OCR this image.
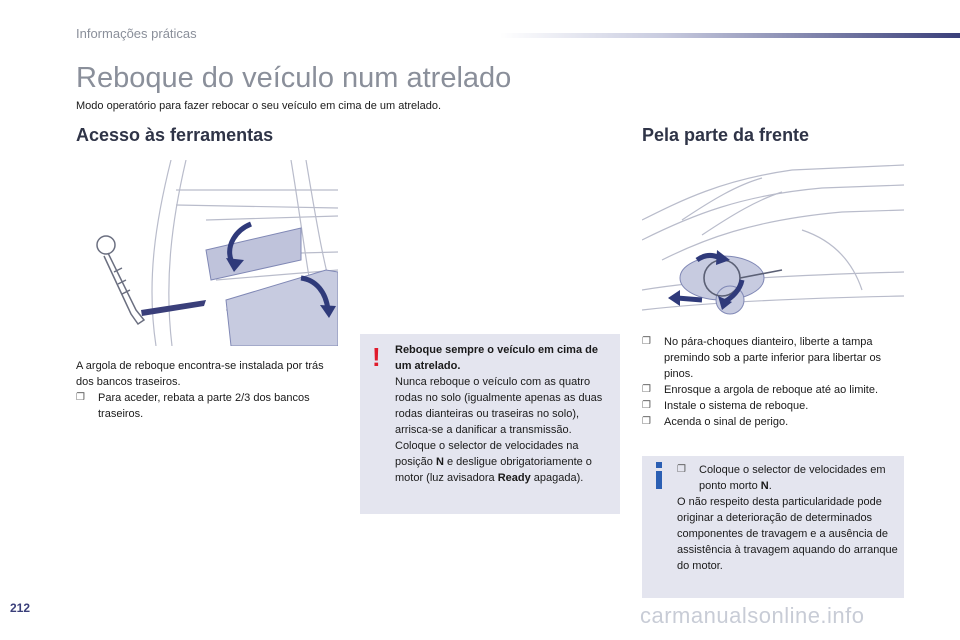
Informações práticas
Reboque do veículo num atrelado
Modo operatório para fazer rebocar o seu veículo em cima de um atrelado.
Acesso às ferramentas	Pela parte da frente

A argola de reboque encontra-se instalada por trás dos bancos traseiros.

❐	Para aceder, rebata a parte 2/3 dos bancos traseiros.
! Reboque sempre o veículo em cima de um atrelado.
Nunca reboque o veículo com as quatro rodas no solo (igualmente apenas as duas rodas dianteiras ou traseiras no solo), arrisca-se a danificar a transmissão.
Coloque o selector de velocidades na posição N e desligue obrigatoriamente o motor (luz avisadora Ready apagada).
❐	No pára-choques dianteiro, liberte a tampa premindo sob a parte inferior para libertar os pinos.
❐	Enrosque a argola de reboque até ao limite.
❐	Instale o sistema de reboque.
❐	Acenda o sinal de perigo.
❐	Coloque o selector de velocidades em ponto morto N.

O não respeito desta particularidade pode originar a deterioração de determinados componentes de travagem e a ausência de assistência à travagem aquando do arranque do motor.

212	carmanualsonline.info
